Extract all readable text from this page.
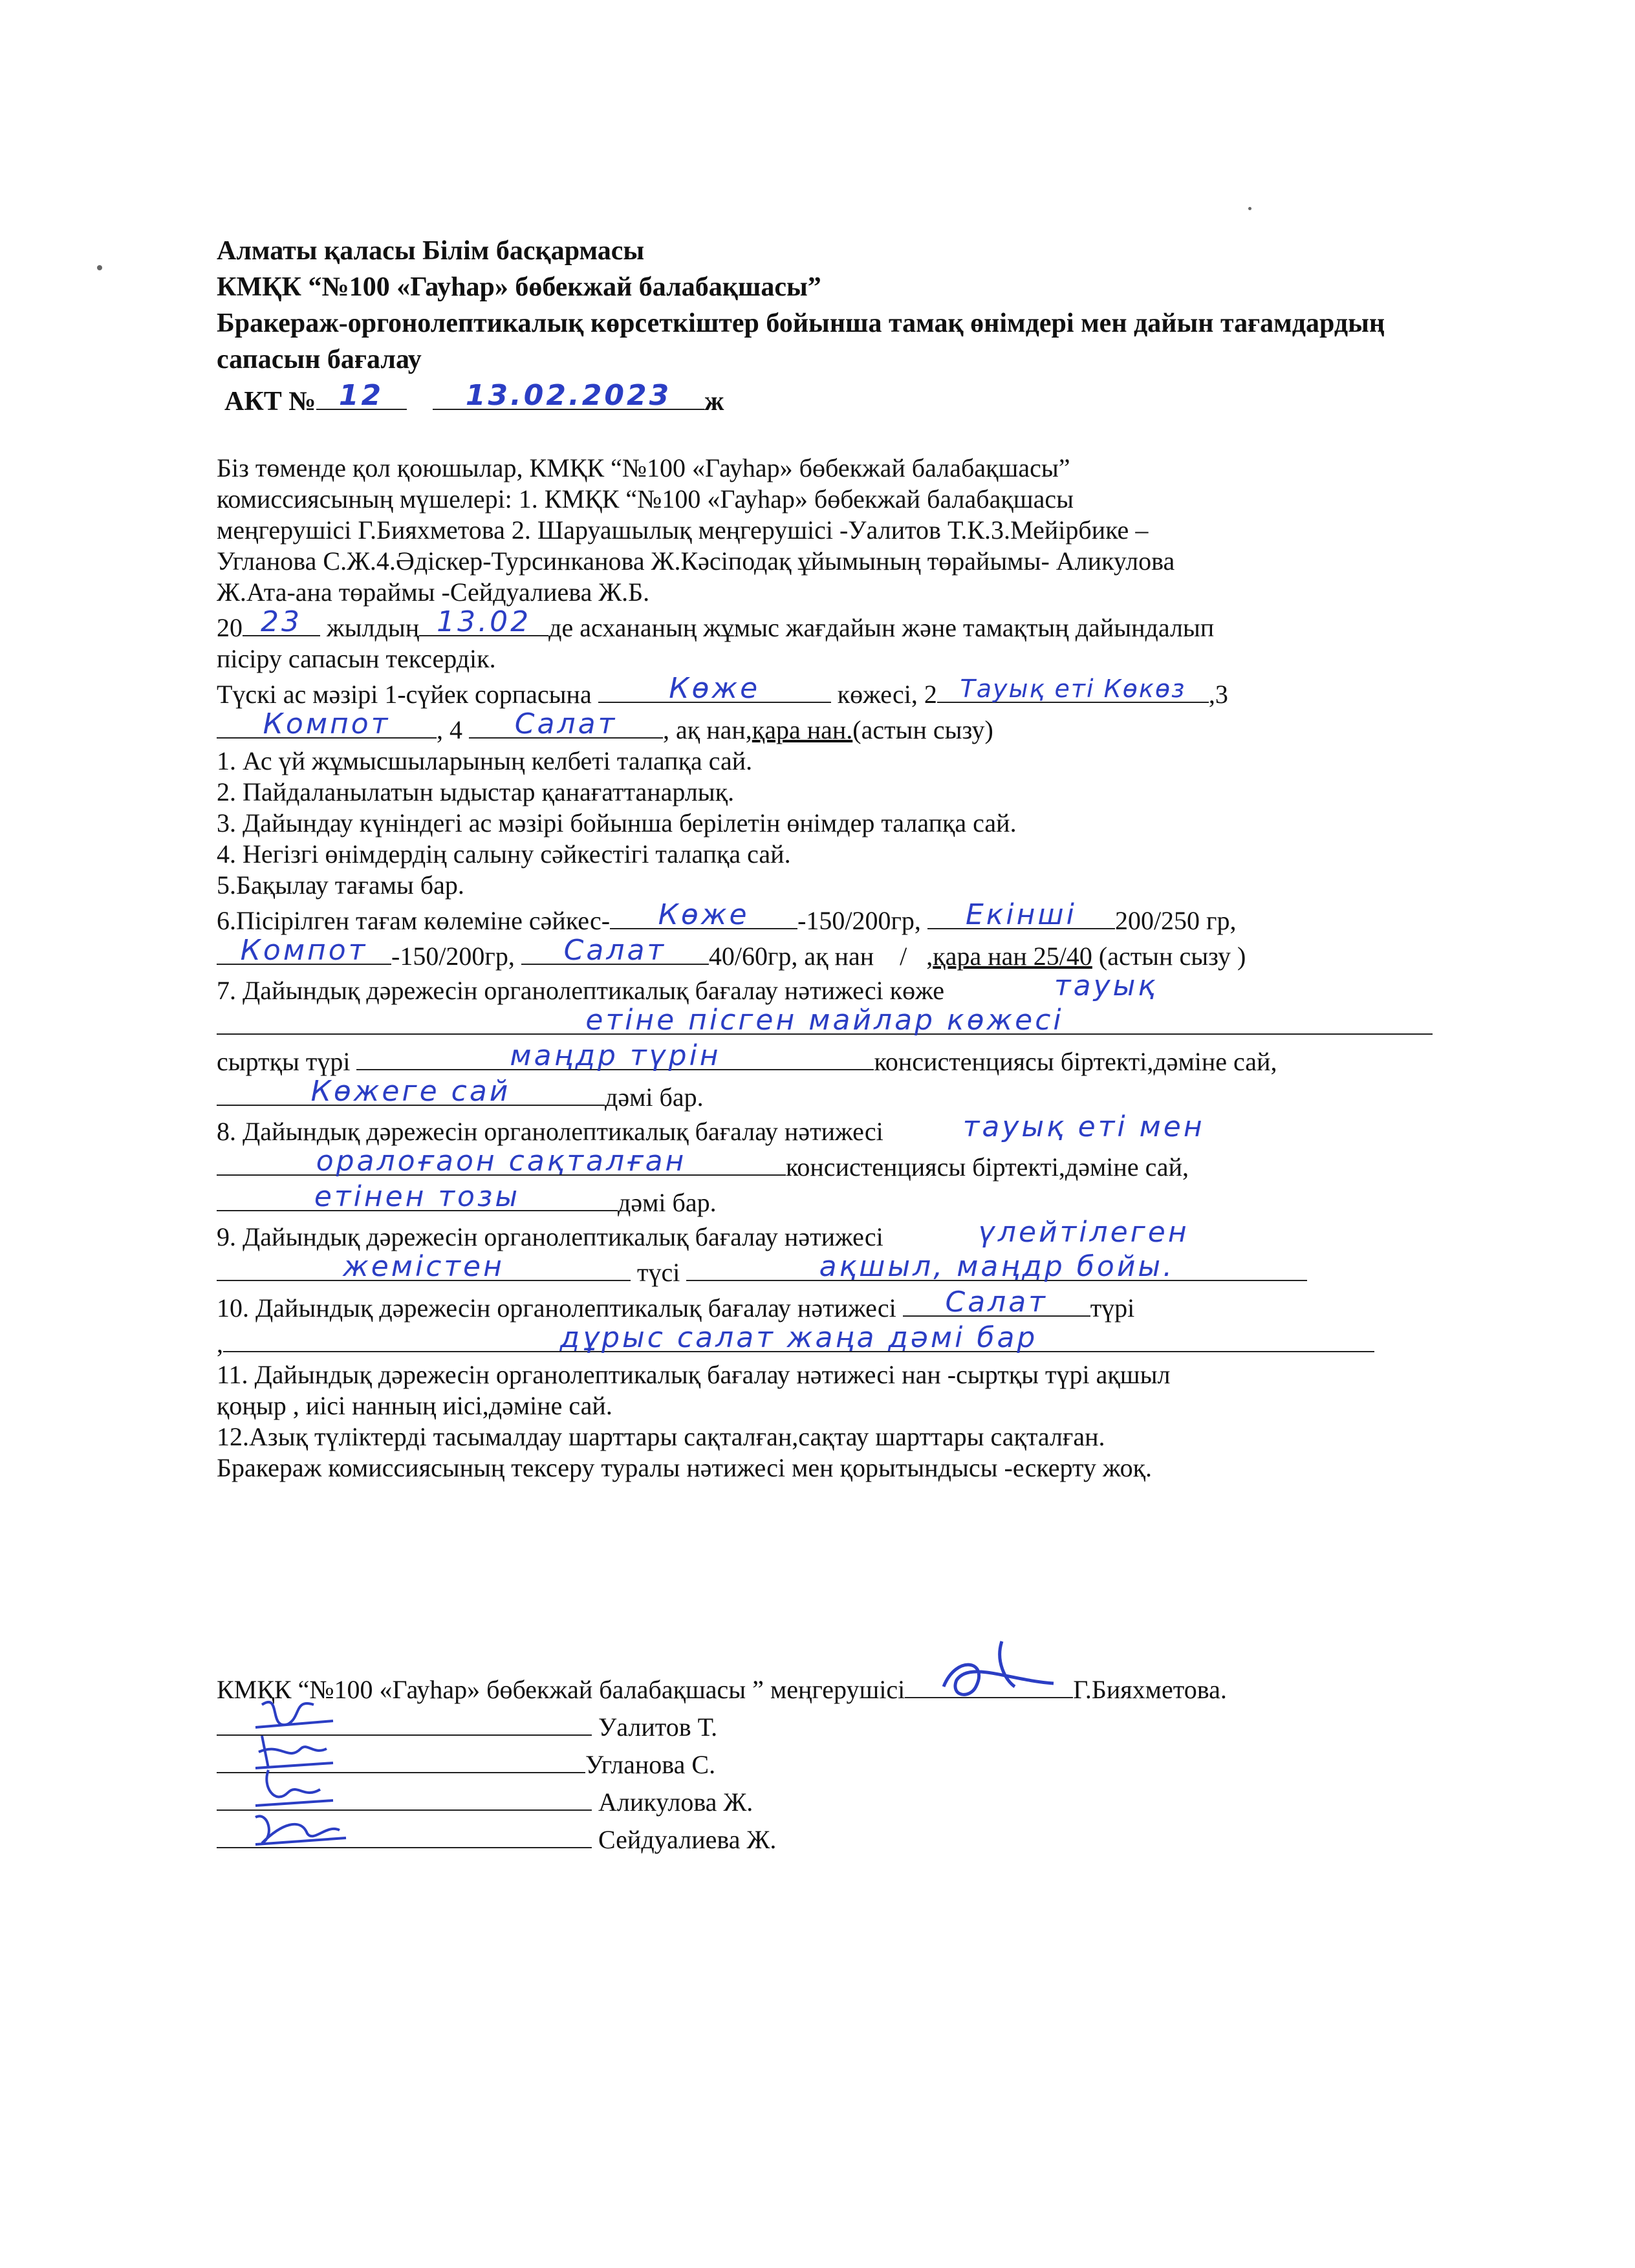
Алматы қаласы Білім басқармасы

КМҚК “№100 «Гауһар» бөбекжай балабақшасы”

Бракераж-оргонолептикалық көрсеткіштер бойынша тамақ өнімдері мен дайын тағамдардың сапасын бағалау

АКТ № 12
	13.02.2023	ж

Біз төменде қол қоюшылар, КМҚК “№100 «Гауһар» бөбекжай балабақшасы”

комиссиясының мүшелері: 1. КМҚК “№100 «Гауһар» бөбекжай балабақшасы

меңгерушісі Г.Бияхметова 2. Шаруашылық меңгерушісі -Уалитов Т.К.3.Мейірбике –

Угланова С.Ж.4.Әдіскер-Турсинканова Ж.Кәсіподақ ұйымының төрайымы- Аликулова

Ж.Ата-ана төраймы -Сейдуалиева Ж.Б.

20 23 жылдың 13.02 де асхананың жұмыс жағдайын және тамақтың дайындалып

пісіру сапасын тексердік.

Түскі ас мәзірі 1-сүйек сорпасына	Көже	көжесі, 2 Тауық еті Көкөз ,3

Компот	, 4	Салат	, ақ нан,қара нан.(астын сызу)

1. Ас үй жұмысшыларының келбеті талапқа сай.

2. Пайдаланылатын ыдыстар қанағаттанарлық.

3. Дайындау күніндегі ас мәзірі бойынша берілетін өнімдер талапқа сай.

4. Негізгі өнімдердің салыну сәйкестігі талапқа сай.

5.Бақылау тағамы бар.

6.Пісірілген тағам көлеміне сәйкес-	Көже	-150/200гр,	Екінші	200/250 гр,

Компот -150/200гр,	Салат	40/60гр, ақ нан / ,қара нан 25/40 (астын сызу )

7. Дайындық дәрежесін органолептикалық бағалау нәтижесі көже	тауық

етіне пісген майлар көжесі

сыртқы түрі	маңдр түрін	консистенциясы біртекті,дәміне сай,

Көжеге сай	дәмі бар.

8. Дайындық дәрежесін органолептикалық бағалау нәтижесі	тауық еті мен

оралоғаон сақталған	консистенциясы біртекті,дәміне сай,

етінен тозы	дәмі бар.

9. Дайындық дәрежесін органолептикалық бағалау нәтижесі	үлейтілеген

жемістен	түсі	ақшыл, маңдр бойы.

10. Дайындық дәрежесін органолептикалық бағалау нәтижесі	Салат	түрі

,	дұрыс салат жаңа дәмі бар

11. Дайындық дәрежесін органолептикалық бағалау нәтижесі нан -сыртқы түрі ақшыл

қоңыр , иісі нанның иісі,дәміне сай.

12.Азық түліктерді тасымалдау шарттары сақталған,сақтау шарттары сақталған.

Бракераж комиссиясының тексеру туралы нәтижесі мен қорытындысы -ескерту жоқ.

КМҚК “№100 «Гауһар» бөбекжай балабақшасы ” меңгерушісі	Г.Бияхметова.

Уалитов Т.

Угланова С.

Аликулова Ж.

Сейдуалиева Ж.
